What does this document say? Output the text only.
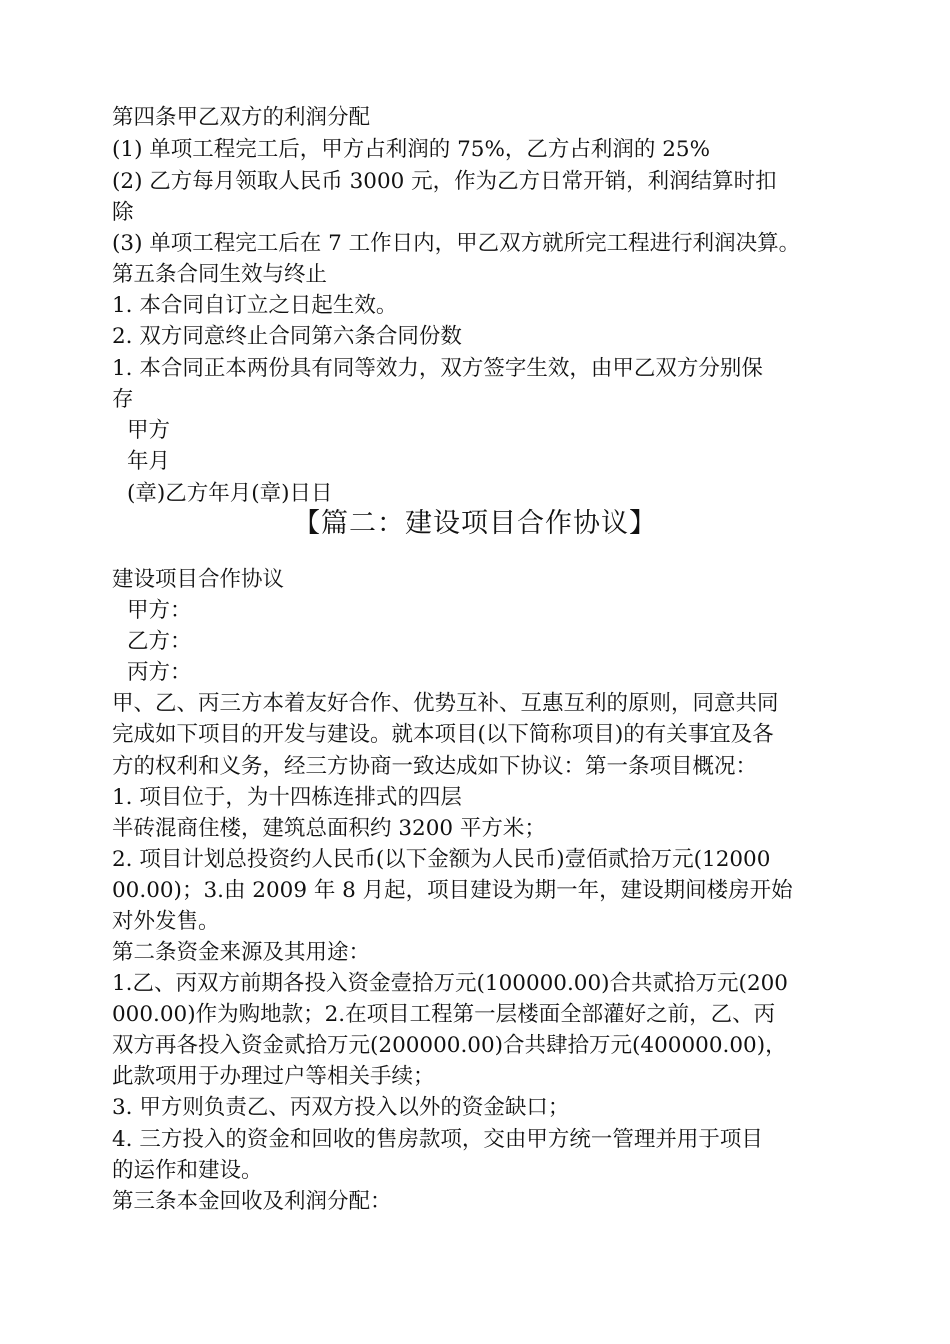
第四条甲乙双方的利润分配
(1) 单项工程完工后，甲方占利润的 75%，乙方占利润的 25%
(2) 乙方每月领取人民币 3000 元，作为乙方日常开销，利润结算时扣
除
(3) 单项工程完工后在 7 工作日内，甲乙双方就所完工程进行利润决算。
第五条合同生效与终止
1. 本合同自订立之日起生效。
2. 双方同意终止合同第六条合同份数
1. 本合同正本两份具有同等效力，双方签字生效，由甲乙双方分别保
存
甲方
年月
(章)乙方年月(章)日日
【篇二：建设项目合作协议】
建设项目合作协议
甲方：
乙方：
丙方：
甲、乙、丙三方本着友好合作、优势互补、互惠互利的原则，同意共同
完成如下项目的开发与建设。就本项目(以下简称项目)的有关事宜及各
方的权利和义务，经三方协商一致达成如下协议：第一条项目概况：
1. 项目位于，为十四栋连排式的四层
半砖混商住楼，建筑总面积约 3200 平方米；
2. 项目计划总投资约人民币(以下金额为人民币)壹佰贰拾万元(12000
00.00)；3.由 2009 年 8 月起，项目建设为期一年，建设期间楼房开始
对外发售。
第二条资金来源及其用途：
1.乙、丙双方前期各投入资金壹拾万元(100000.00)合共贰拾万元(200
000.00)作为购地款；2.在项目工程第一层楼面全部灌好之前，乙、丙
双方再各投入资金贰拾万元(200000.00)合共肆拾万元(400000.00)，
此款项用于办理过户等相关手续；
3. 甲方则负责乙、丙双方投入以外的资金缺口；
4. 三方投入的资金和回收的售房款项，交由甲方统一管理并用于项目
的运作和建设。
第三条本金回收及利润分配：
